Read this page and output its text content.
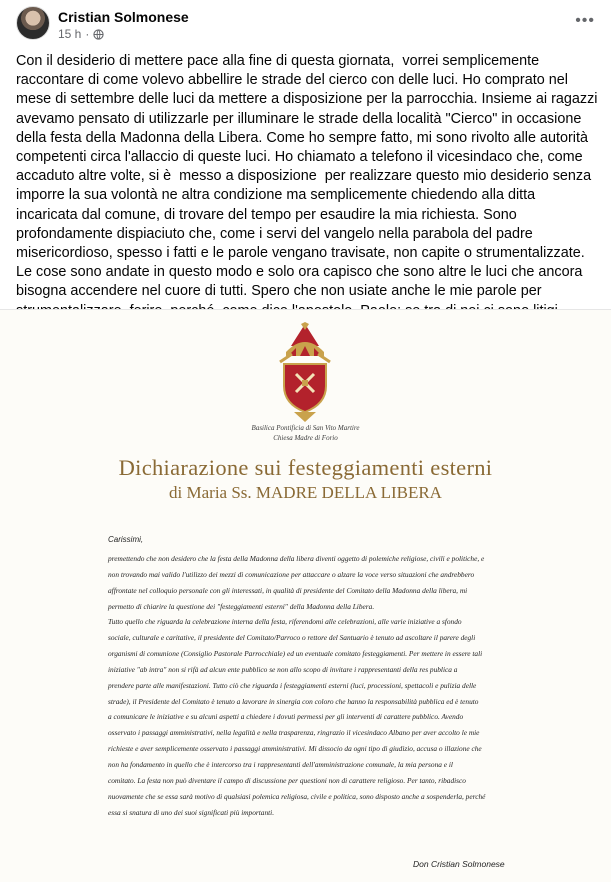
Cristian Solmonese
15 h ·
•••
Con il desiderio di mettere pace alla fine di questa giornata,  vorrei semplicemente raccontare di come volevo abbellire le strade del cierco con delle luci. Ho comprato nel mese di settembre delle luci da mettere a disposizione per la parrocchia. Insieme ai ragazzi avevamo pensato di utilizzarle per illuminare le strade della località "Cierco" in occasione della festa della Madonna della Libera. Come ho sempre fatto, mi sono rivolto alle autorità competenti circa l'allaccio di queste luci. Ho chiamato a telefono il vicesindaco che, come accaduto altre volte, si è  messo a disposizione  per realizzare questo mio desiderio senza imporre la sua volontà ne altra condizione ma semplicemente chiedendo alla ditta incaricata dal comune, di trovare del tempo per esaudire la mia richiesta. Sono profondamente dispiaciuto che, come i servi del vangelo nella parabola del padre misericordioso, spesso i fatti e le parole vengano travisate, non capite o strumentalizzate. Le cose sono andate in questo modo e solo ora capisco che sono altre le luci che ancora bisogna accendere nel cuore di tutti. Spero che non usiate anche le mie parole per
Basilica Pontificia di San Vito Martire
Chiesa Madre di Forio
Dichiarazione sui festeggiamenti esterni
di Maria Ss. MADRE DELLA LIBERA
Carissimi,
premettendo che non desidero che la festa della Madonna della libera diventi oggetto di polemiche religiose, civili e politiche, e
non trovando mai valido l'utilizzo dei mezzi di comunicazione per attaccare o alzare la voce verso situazioni che andrebbero
affrontate nel colloquio personale con gli interessati, in qualità di presidente del Comitato della Madonna della libera, mi
permetto di chiarire la questione dei "festeggiamenti esterni" della Madonna della Libera.
Tutto quello che riguarda la celebrazione interna della festa, riferendomi alle celebrazioni, alle varie iniziative a sfondo
sociale, culturale e caritative, il presidente del Comitato/Parroco o rettore del Santuario è tenuto ad ascoltare il parere degli
organismi di comunione (Consiglio Pastorale Parrocchiale) ed un eventuale comitato festeggiamenti. Per mettere in essere tali
iniziative "ab intra" non si rifà ad alcun ente pubblico se non allo scopo di invitare i rappresentanti della res publica a
prendere parte alle manifestazioni. Tutto ciò che riguarda i festeggiamenti esterni (luci, processioni, spettacoli e pulizia delle
strade), il Presidente del Comitato è tenuto a lavorare in sinergia con coloro che hanno la responsabilità pubblica ed è tenuto
a comunicare le iniziative e su alcuni aspetti a chiedere i dovuti permessi per gli interventi di carattere pubblico. Avendo
osservato i passaggi amministrativi, nella legalità e nella trasparenza, ringrazio il vicesindaco Albano per aver accolto le mie
richieste e aver semplicemente osservato i passaggi amministrativi. Mi dissocio da ogni tipo di giudizio, accusa o illazione che
non ha fondamento in quello che è intercorso tra i rappresentanti dell'amministrazione comunale, la mia persona e il
comitato. La festa non può diventare il campo di discussione per questioni non di carattere religioso. Per tanto, ribadisco
nuovamente che se essa sarà motivo di qualsiasi polemica religiosa, civile e politica, sono disposto anche a sospenderla, perché
essa si snatura di uno dei suoi significati più importanti.
Don Cristian Solmonese
